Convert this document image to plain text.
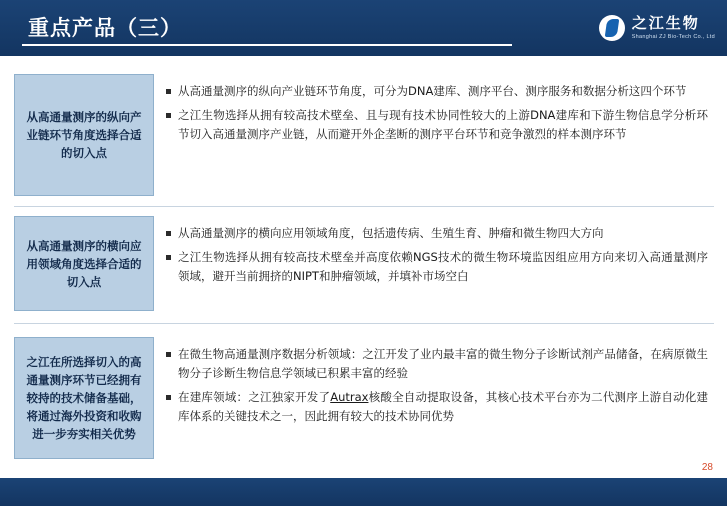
重点产品（三）	之江生物
Shanghai ZJ Bio-Tech Co., Ltd
从高通量测序的纵向产业链环节角度选择合适的切入点
从高通量测序的纵向产业链环节角度，可分为DNA建库、测序平台、测序服务和数据分析这四个环节
之江生物选择从拥有较高技术壁垒、且与现有技术协同性较大的上游DNA建库和下游生物信息学分析环节切入高通量测序产业链，从而避开外企垄断的测序平台环节和竞争激烈的样本测序环节
从高通量测序的横向应用领域角度选择合适的切入点
从高通量测序的横向应用领域角度，包括遗传病、生殖生育、肿瘤和微生物四大方向
之江生物选择从拥有较高技术壁垒并高度依赖NGS技术的微生物环境监因组应用方向来切入高通量测序领域，避开当前拥挤的NIPT和肿瘤领域，并填补市场空白
之江在所选择切入的高通量测序环节已经拥有较持的技术储备基础，将通过海外投资和收购进一步夯实相关优势
在微生物高通量测序数据分析领域：之江开发了业内最丰富的微生物分子诊断试剂产品储备，在病原微生物分子诊断生物信息学领域已积累丰富的经验
在建库领域：之江独家开发了Autrax核酸全自动提取设备，其核心技术平台亦为二代测序上游自动化建库体系的关键技术之一，因此拥有较大的技术协同优势
28
